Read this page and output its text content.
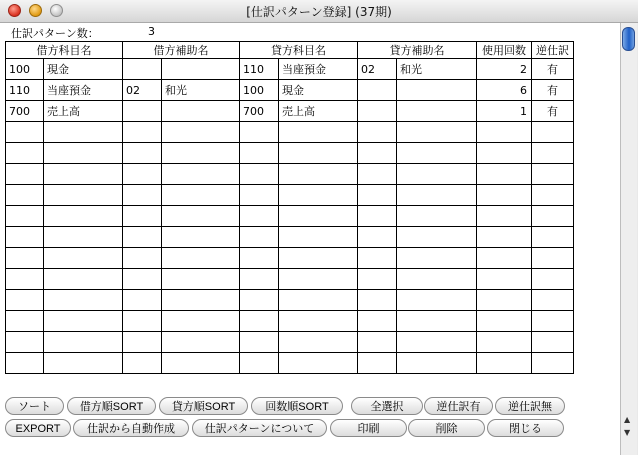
[仕訳パターン登録] (37期)
仕訳パターン数：	3
借方科目名		借方補助名		貸方科目名		貸方補助名		使用回数	逆仕訳
100	現金			110	当座預金	02	和光	2	有
110	当座預金	02	和光	100	現金			6	有
700	売上高			700	売上高			1	有

ソート	借方順SORT	貸方順SORT	回数順SORT	全選択	逆仕訳有	逆仕訳無
EXPORT	仕訳から自動作成	仕訳パターンについて	印刷	削除	閉じる
▲
▼
